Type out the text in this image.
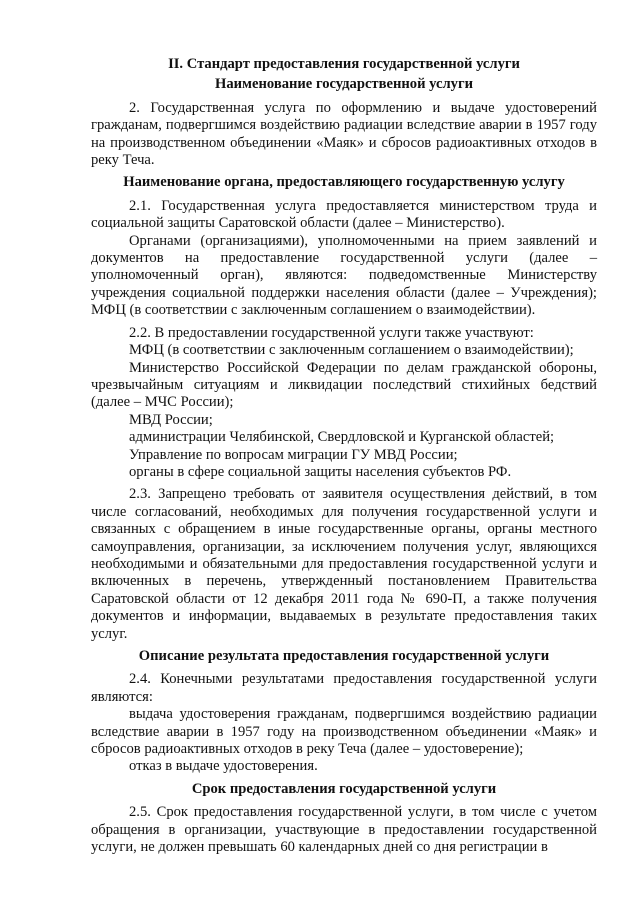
II. Стандарт предоставления государственной услуги
Наименование государственной услуги

2. Государственная услуга по оформлению и выдаче удостоверений гражданам, подвергшимся воздействию радиации вследствие аварии в 1957 году на производственном объединении «Маяк» и сбросов радиоактивных отходов в реку Теча.

Наименование органа, предоставляющего государственную услугу

2.1. Государственная услуга предоставляется министерством труда и социальной защиты Саратовской области (далее – Министерство).

Органами (организациями), уполномоченными на прием заявлений и документов на предоставление государственной услуги (далее – уполномоченный орган), являются: подведомственные Министерству учреждения социальной поддержки населения области (далее – Учреждения); МФЦ (в соответствии с заключенным соглашением о взаимодействии).

2.2. В предоставлении государственной услуги также участвуют:

МФЦ (в соответствии с заключенным соглашением о взаимодействии);

Министерство Российской Федерации по делам гражданской обороны, чрезвычайным ситуациям и ликвидации последствий стихийных бедствий (далее – МЧС России);

МВД России;

администрации Челябинской, Свердловской и Курганской областей;

Управление по вопросам миграции ГУ МВД России;

органы в сфере социальной защиты населения субъектов РФ.

2.3. Запрещено требовать от заявителя осуществления действий, в том числе согласований, необходимых для получения государственной услуги и связанных с обращением в иные государственные органы, органы местного самоуправления, организации, за исключением получения услуг, являющихся необходимыми и обязательными для предоставления государственной услуги и включенных в перечень, утвержденный постановлением Правительства Саратовской области от 12 декабря 2011 года № 690-П, а также получения документов и информации, выдаваемых в результате предоставления таких услуг.

Описание результата предоставления государственной услуги

2.4. Конечными результатами предоставления государственной услуги являются:

выдача удостоверения гражданам, подвергшимся воздействию радиации вследствие аварии в 1957 году на производственном объединении «Маяк» и сбросов радиоактивных отходов в реку Теча (далее – удостоверение);

отказ в выдаче удостоверения.

Срок предоставления государственной услуги

2.5. Срок предоставления государственной услуги, в том числе с учетом обращения в организации, участвующие в предоставлении государственной услуги, не должен превышать 60 календарных дней со дня регистрации в
